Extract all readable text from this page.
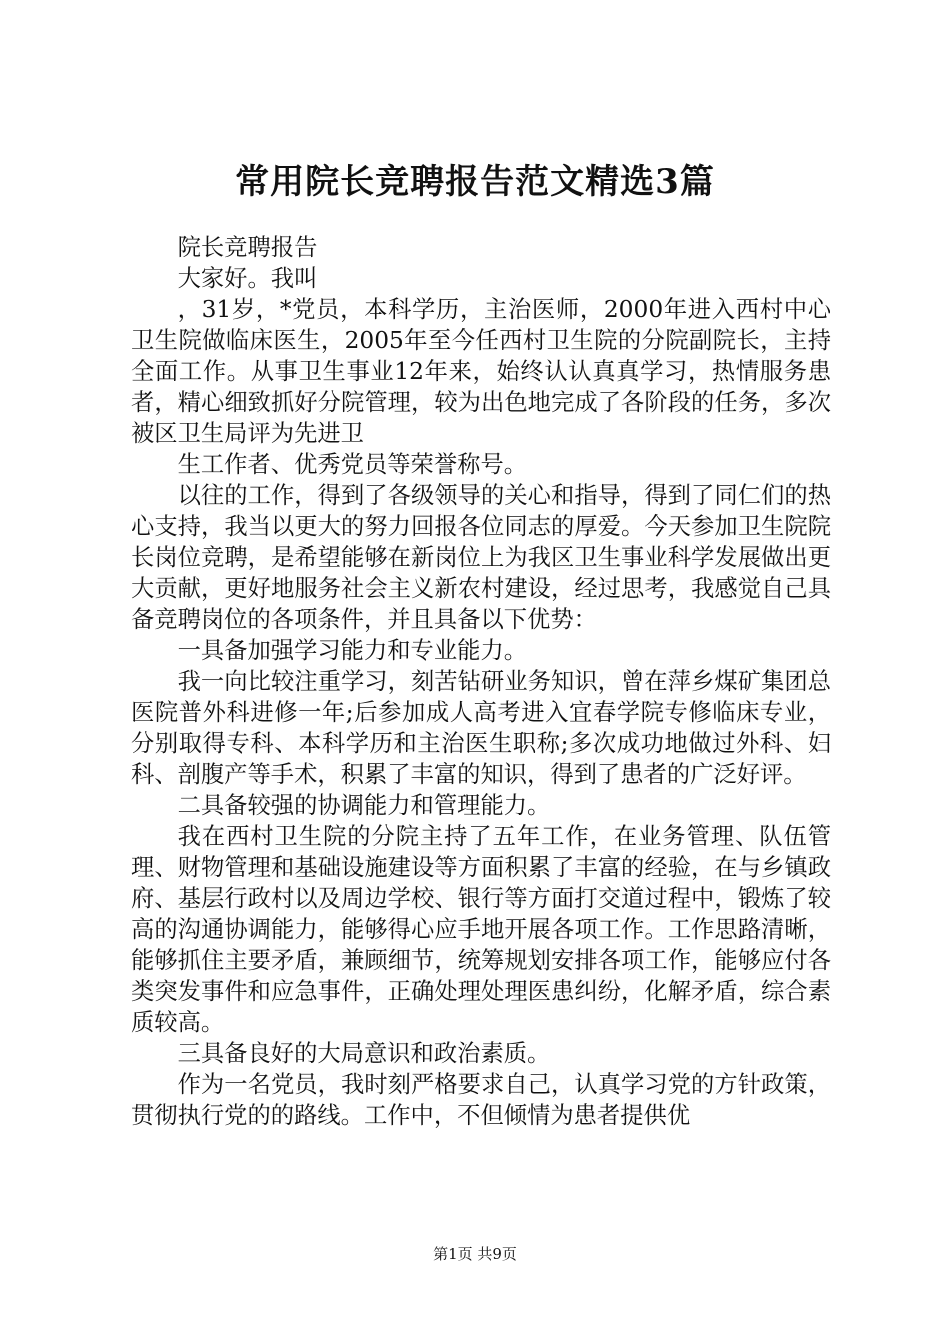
常用院长竞聘报告范文精选3篇

院长竞聘报告

大家好。我叫

，31岁，*党员，本科学历，主治医师，2000年进入西村中心卫生院做临床医生，2005年至今任西村卫生院的分院副院长，主持全面工作。从事卫生事业12年来，始终认认真真学习，热情服务患者，精心细致抓好分院管理，较为出色地完成了各阶段的任务，多次被区卫生局评为先进卫

生工作者、优秀党员等荣誉称号。

以往的工作，得到了各级领导的关心和指导，得到了同仁们的热心支持，我当以更大的努力回报各位同志的厚爱。今天参加卫生院院长岗位竞聘，是希望能够在新岗位上为我区卫生事业科学发展做出更大贡献，更好地服务社会主义新农村建设，经过思考，我感觉自己具备竞聘岗位的各项条件，并且具备以下优势：

一具备加强学习能力和专业能力。

我一向比较注重学习，刻苦钻研业务知识，曾在萍乡煤矿集团总医院普外科进修一年;后参加成人高考进入宜春学院专修临床专业，分别取得专科、本科学历和主治医生职称;多次成功地做过外科、妇科、剖腹产等手术，积累了丰富的知识，得到了患者的广泛好评。

二具备较强的协调能力和管理能力。

我在西村卫生院的分院主持了五年工作，在业务管理、队伍管理、财物管理和基础设施建设等方面积累了丰富的经验，在与乡镇政府、基层行政村以及周边学校、银行等方面打交道过程中，锻炼了较高的沟通协调能力，能够得心应手地开展各项工作。工作思路清晰，能够抓住主要矛盾，兼顾细节，统筹规划安排各项工作，能够应付各类突发事件和应急事件，正确处理处理医患纠纷，化解矛盾，综合素质较高。

三具备良好的大局意识和政治素质。

作为一名党员，我时刻严格要求自己，认真学习党的方针政策，贯彻执行党的的路线。工作中，不但倾情为患者提供优

第1页 共9页
